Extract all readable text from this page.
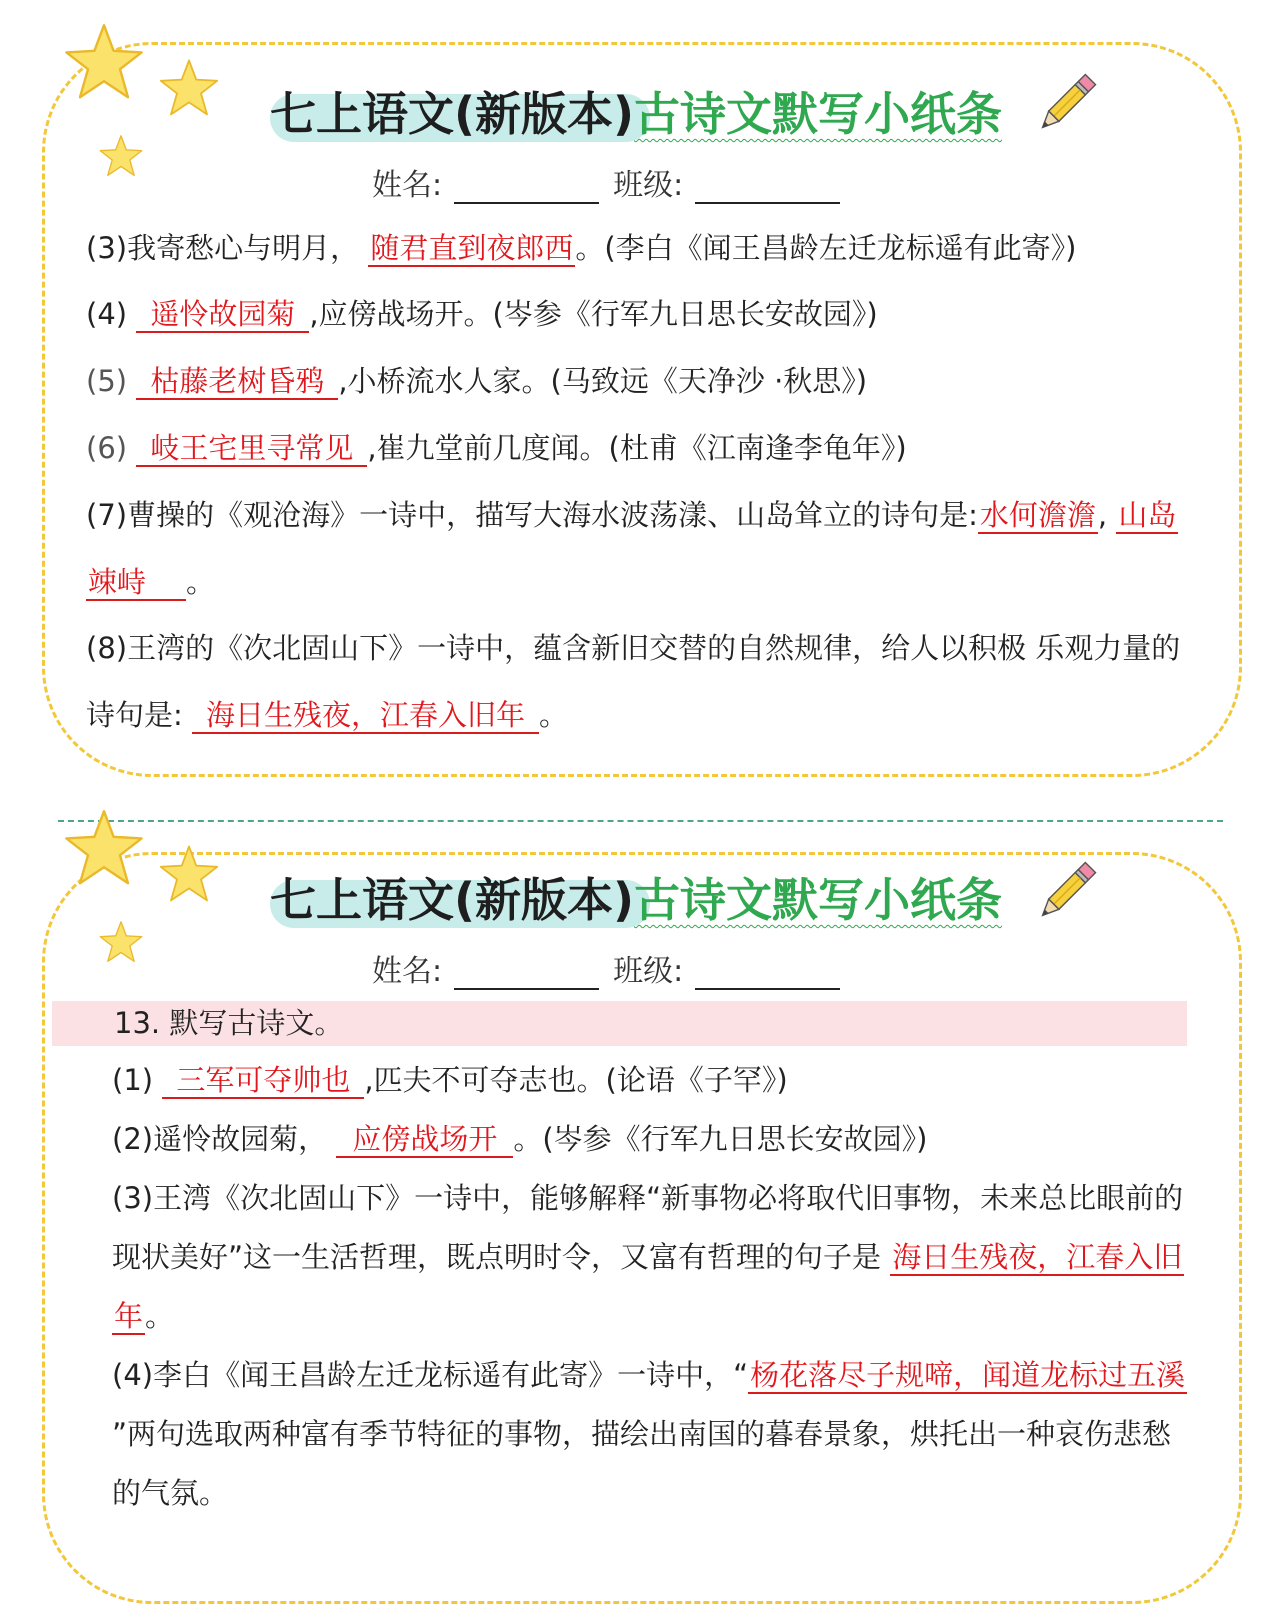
七上语文(新版本)古诗文默写小纸条
姓名:	班级:
(3)我寄愁心与明月， 随君直到夜郎西。(李白《闻王昌龄左迁龙标遥有此寄》)
(4) 遥怜故园菊 ,应傍战场开。(岑参《行军九日思长安故园》)
(5) 枯藤老树昏鸦 ,小桥流水人家。(马致远《天净沙 ·秋思》)
(6) 岐王宅里寻常见 ,崔九堂前几度闻。(杜甫《江南逢李龟年》)
(7)曹操的《观沧海》一诗中，描写大海水波荡漾、山岛耸立的诗句是:水何澹澹, 山岛
竦峙 。
(8)王湾的《次北固山下》一诗中，蕴含新旧交替的自然规律，给人以积极 乐观力量的
诗句是: 海日生残夜，江春入旧年 。
七上语文(新版本)古诗文默写小纸条
姓名:	班级:
13. 默写古诗文。
(1) 三军可夺帅也 ,匹夫不可夺志也。(论语《子罕》)
(2)遥怜故园菊， 应傍战场开 。(岑参《行军九日思长安故园》)
(3)王湾《次北固山下》一诗中，能够解释“新事物必将取代旧事物，未来总比眼前的
现状美好”这一生活哲理，既点明时令，又富有哲理的句子是 海日生残夜，江春入旧
年。
(4)李白《闻王昌龄左迁龙标遥有此寄》一诗中，“杨花落尽子规啼，闻道龙标过五溪
”两句选取两种富有季节特征的事物，描绘出南国的暮春景象，烘托出一种哀伤悲愁
的气氛。
